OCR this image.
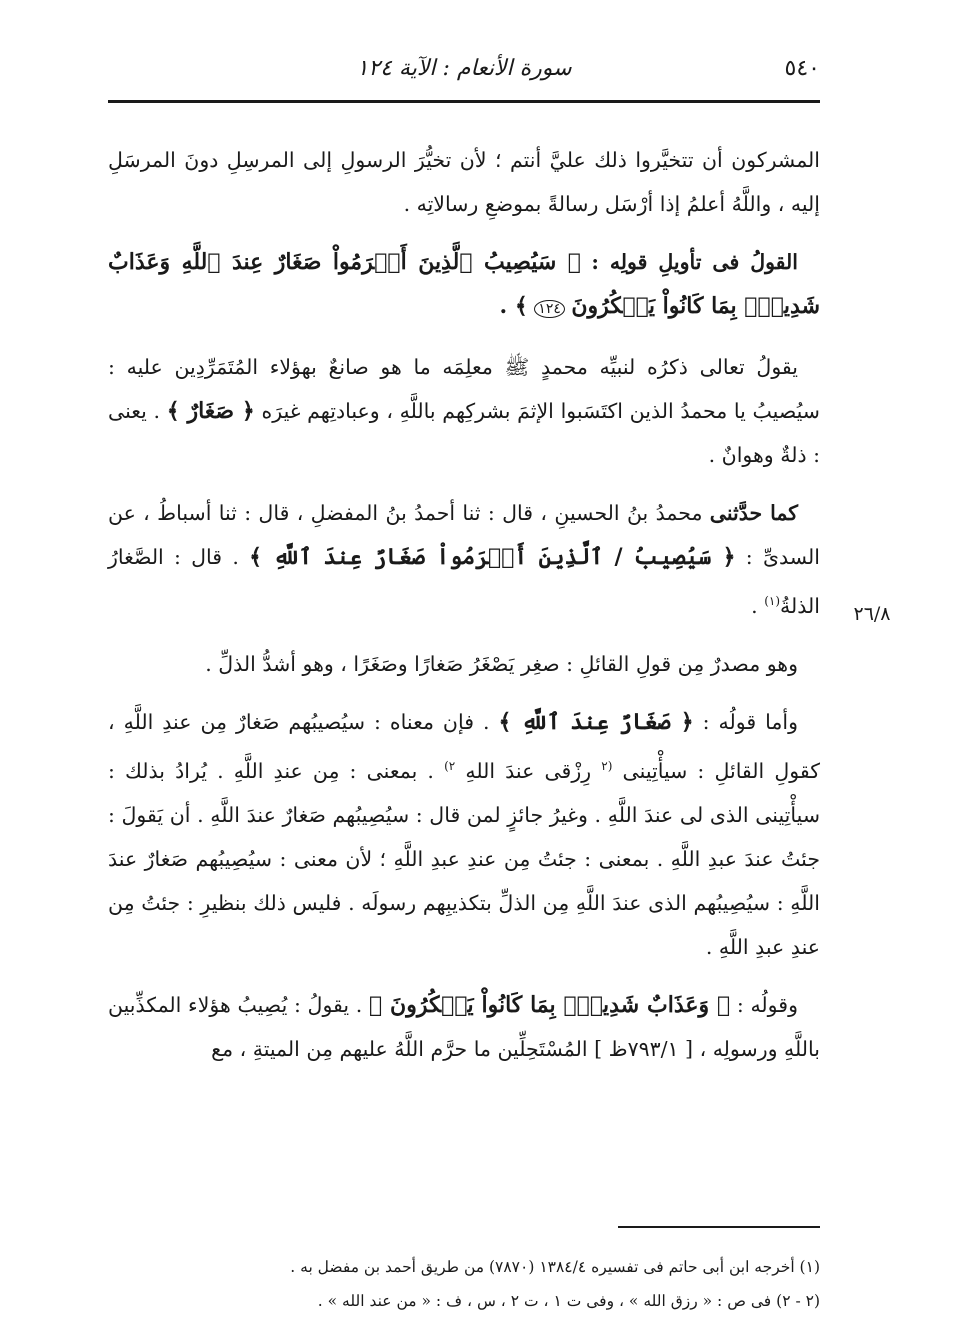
٥٤٠
سورة الأنعام : الآية ١٢٤
٢٦/٨

المشركون أن تتخيَّروا ذلك عليَّ أنتم ؛ لأن تخيُّرَ الرسولِ إلى المرسِلِ دونَ المرسَلِ إليه ، واللَّهُ أعلمُ إذا أرْسَل رسالةً بموضعِ رسالاتِه .

القولُ فى تأويلِ قولِه : ﴿ سَيُصِيبُ ٱلَّذِينَ أَجۡرَمُواْ صَغَارٌ عِندَ ٱللَّهِ وَعَذَابٌ شَدِيدُۢ بِمَا كَانُواْ يَمۡكُرُونَ ١٢٤ ﴾ .

يقولُ تعالى ذكرُه لنبيِّه محمدٍ ﷺ معلِمَه ما هو صانعٌ بهؤلاء المُتَمَرِّدِين عليه : سيُصيبُ يا محمدُ الذين اكتَسَبوا الإثمَ بشركِهم باللَّهِ ، وعبادتِهم غيرَه ﴿ صَغَارٌ ﴾ . يعنى : ذلةٌ وهوانٌ .

كما حدَّثنى محمدُ بنُ الحسينِ ، قال : ثنا أحمدُ بنُ المفضلِ ، قال : ثنا أسباطُ ، عن السدىِّ : ﴿ سَيُصِيبُ / ٱلَّذِينَ أَجۡرَمُواْ صَغَارٌ عِندَ ٱللَّهِ ﴾ . قال : الصَّغارُ الذلةُ$^{(١)}$ .

وهو مصدرٌ مِن قولِ القائلِ : صغِر يَصْغَرُ صَغارًا وصَغَرًا ، وهو أشدُّ الذلِّ .

وأما قولُه : ﴿ صَغَارٌ عِندَ ٱللَّهِ ﴾ . فإن معناه : سيُصيبُهم صَغارٌ مِن عندِ اللَّهِ ، كقولِ القائلِ : سيأْتِينى $^{(٢}$ رِزْقى عندَ اللهِ $^{٢)}$ . بمعنى : مِن عندِ اللَّهِ . يُرادُ بذلك : سيأْتِينى الذى لى عندَ اللَّهِ . وغيرُ جائزٍ لمن قال : سيُصِيبُهم صَغارٌ عندَ اللَّهِ . أن يَقولَ : جئتُ عندَ عبدِ اللَّهِ . بمعنى : جئتُ مِن عندِ عبدِ اللَّهِ ؛ لأن معنى : سيُصِيبُهم صَغارٌ عندَ اللَّهِ : سيُصِيبُهم الذى عندَ اللَّهِ مِن الذلِّ بتكذيبِهم رسولَه . فليس ذلك بنظيرِ : جئتُ مِن عندِ عبدِ اللَّهِ .

وقولُه : ﴿ وَعَذَابٌ شَدِيدُۢ بِمَا كَانُواْ يَمۡكُرُونَ ﴾ . يقولُ : يُصِيبُ هؤلاء المكذِّبين باللَّهِ ورسولِه ، [ ٧٩٣/١ظ ] المُسْتَحِلِّين ما حرَّم اللَّهُ عليهم مِن الميتةِ ، مع

(١) أخرجه ابن أبى حاتم فى تفسيره ١٣٨٤/٤ (٧٨٧٠) من طريق أحمد بن مفضل به .

(٢ - ٢) فى ص : « رزق الله » ، وفى ت ١ ، ت ٢ ، س ، ف : « من عند الله » .
